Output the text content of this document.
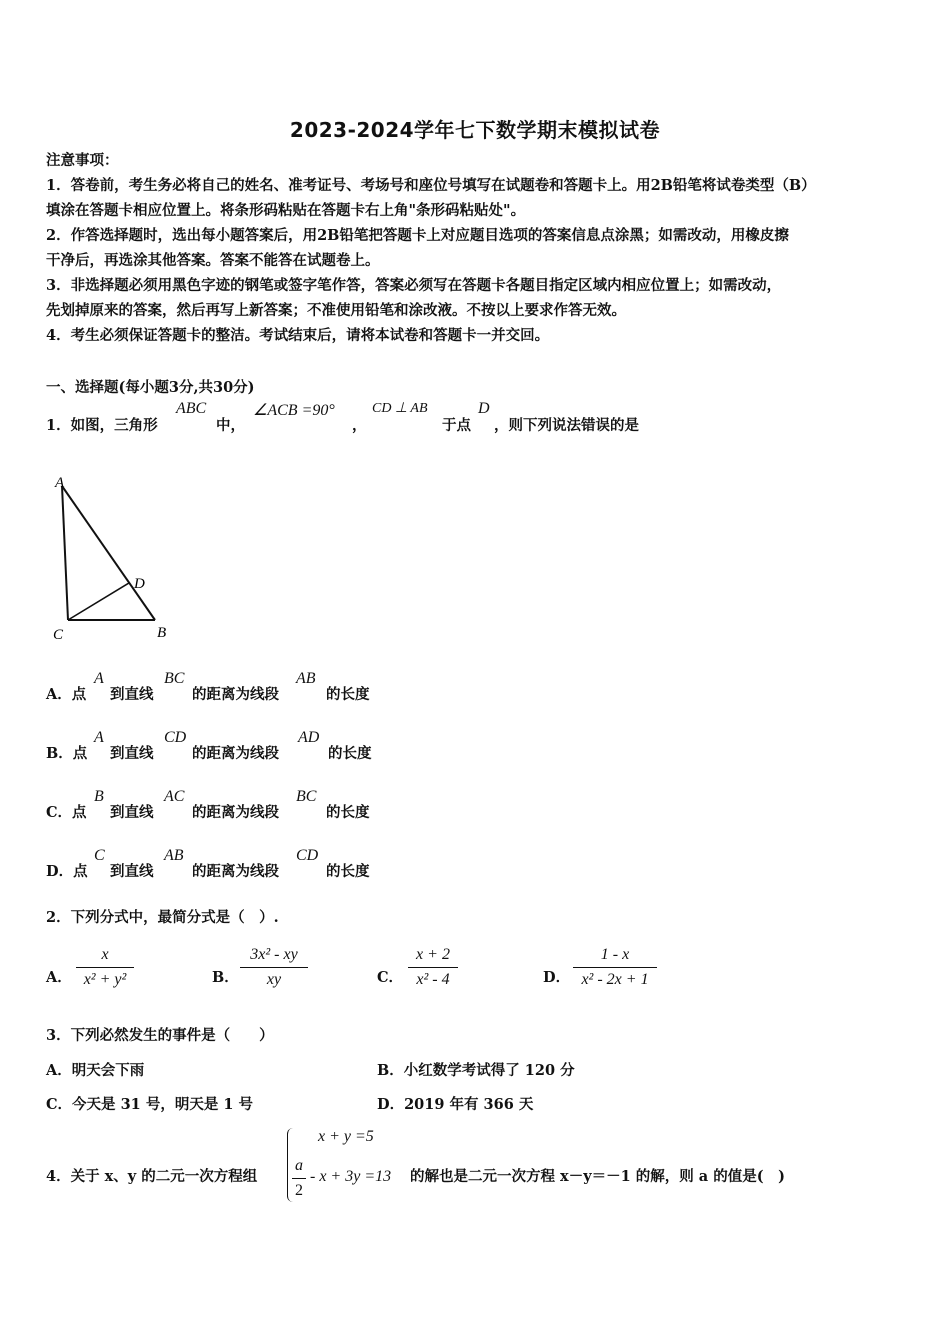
2023-2024学年七下数学期末模拟试卷
注意事项：
1．答卷前，考生务必将自己的姓名、准考证号、考场号和座位号填写在试题卷和答题卡上。用2B铅笔将试卷类型（B）
填涂在答题卡相应位置上。将条形码粘贴在答题卡右上角"条形码粘贴处"。
2．作答选择题时，选出每小题答案后，用2B铅笔把答题卡上对应题目选项的答案信息点涂黑；如需改动，用橡皮擦
干净后，再选涂其他答案。答案不能答在试题卷上。
3．非选择题必须用黑色字迹的钢笔或签字笔作答，答案必须写在答题卡各题目指定区域内相应位置上；如需改动，
先划掉原来的答案，然后再写上新答案；不准使用铅笔和涂改液。不按以上要求作答无效。
4．考生必须保证答题卡的整洁。考试结束后，请将本试卷和答题卡一并交回。
一、选择题(每小题3分,共30分)
1．如图，三角形
ABC
中，
∠ACB =90°
，
CD ⊥ AB
于点
D
，则下列说法错误的是
A
C	B
D
A．点
A
到直线
BC
的距离为线段
AB
的长度
B．点
A
到直线
CD
的距离为线段
AD
的长度
C．点
B
到直线
AC
的距离为线段
BC
的长度
D．点
C
到直线
AB
的距离为线段
CD
的长度
2．下列分式中，最简分式是（　）.
A．
x
x² + y²	B．
3x² - xy
xy	C．
x + 2
x² - 4	D．
1 - x
x² - 2x + 1
3．下列必然发生的事件是（　　）
A．明天会下雨	B．小红数学考试得了 120 分
C．今天是 31 号，明天是 1 号	D．2019 年有 366 天
4．关于 x、y 的二元一次方程组
x + y =5
a
2
- x + 3y =13 的解也是二元一次方程 x－y＝－1 的解，则 a 的值是(　)
